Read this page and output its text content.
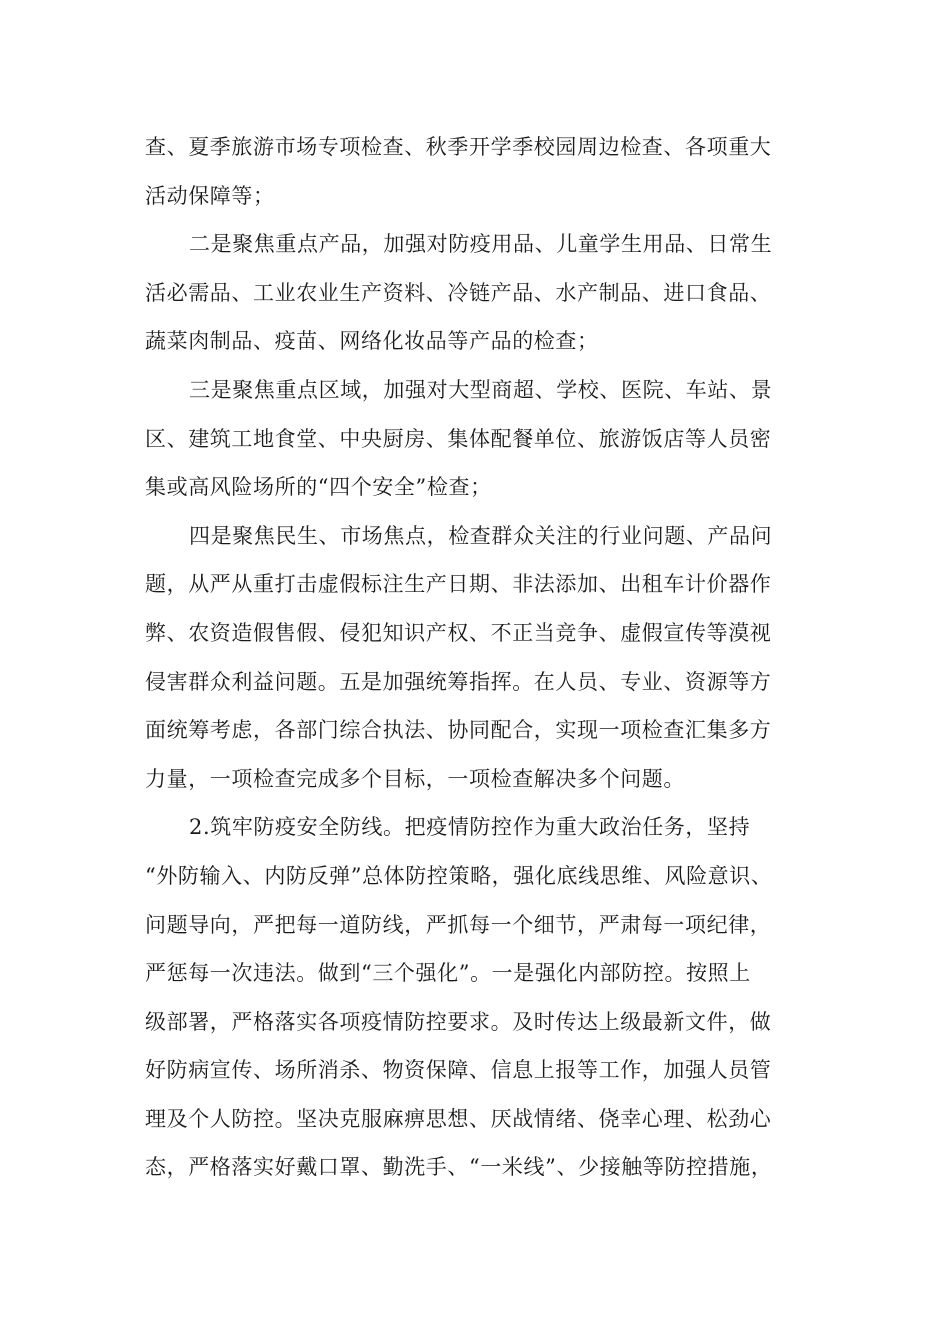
查、夏季旅游市场专项检查、秋季开学季校园周边检查、各项重大
活动保障等；
二是聚焦重点产品，加强对防疫用品、儿童学生用品、日常生
活必需品、工业农业生产资料、冷链产品、水产制品、进口食品、
蔬菜肉制品、疫苗、网络化妆品等产品的检查；
三是聚焦重点区域，加强对大型商超、学校、医院、车站、景
区、建筑工地食堂、中央厨房、集体配餐单位、旅游饭店等人员密
集或高风险场所的“四个安全”检查；
四是聚焦民生、市场焦点，检查群众关注的行业问题、产品问
题，从严从重打击虚假标注生产日期、非法添加、出租车计价器作
弊、农资造假售假、侵犯知识产权、不正当竞争、虚假宣传等漠视
侵害群众利益问题。五是加强统筹指挥。在人员、专业、资源等方
面统筹考虑，各部门综合执法、协同配合，实现一项检查汇集多方
力量，一项检查完成多个目标，一项检查解决多个问题。
2.筑牢防疫安全防线。把疫情防控作为重大政治任务，坚持
“外防输入、内防反弹”总体防控策略，强化底线思维、风险意识、
问题导向，严把每一道防线，严抓每一个细节，严肃每一项纪律，
严惩每一次违法。做到“三个强化”。一是强化内部防控。按照上
级部署，严格落实各项疫情防控要求。及时传达上级最新文件，做
好防病宣传、场所消杀、物资保障、信息上报等工作，加强人员管
理及个人防控。坚决克服麻痹思想、厌战情绪、侥幸心理、松劲心
态，严格落实好戴口罩、勤洗手、“一米线”、少接触等防控措施，
